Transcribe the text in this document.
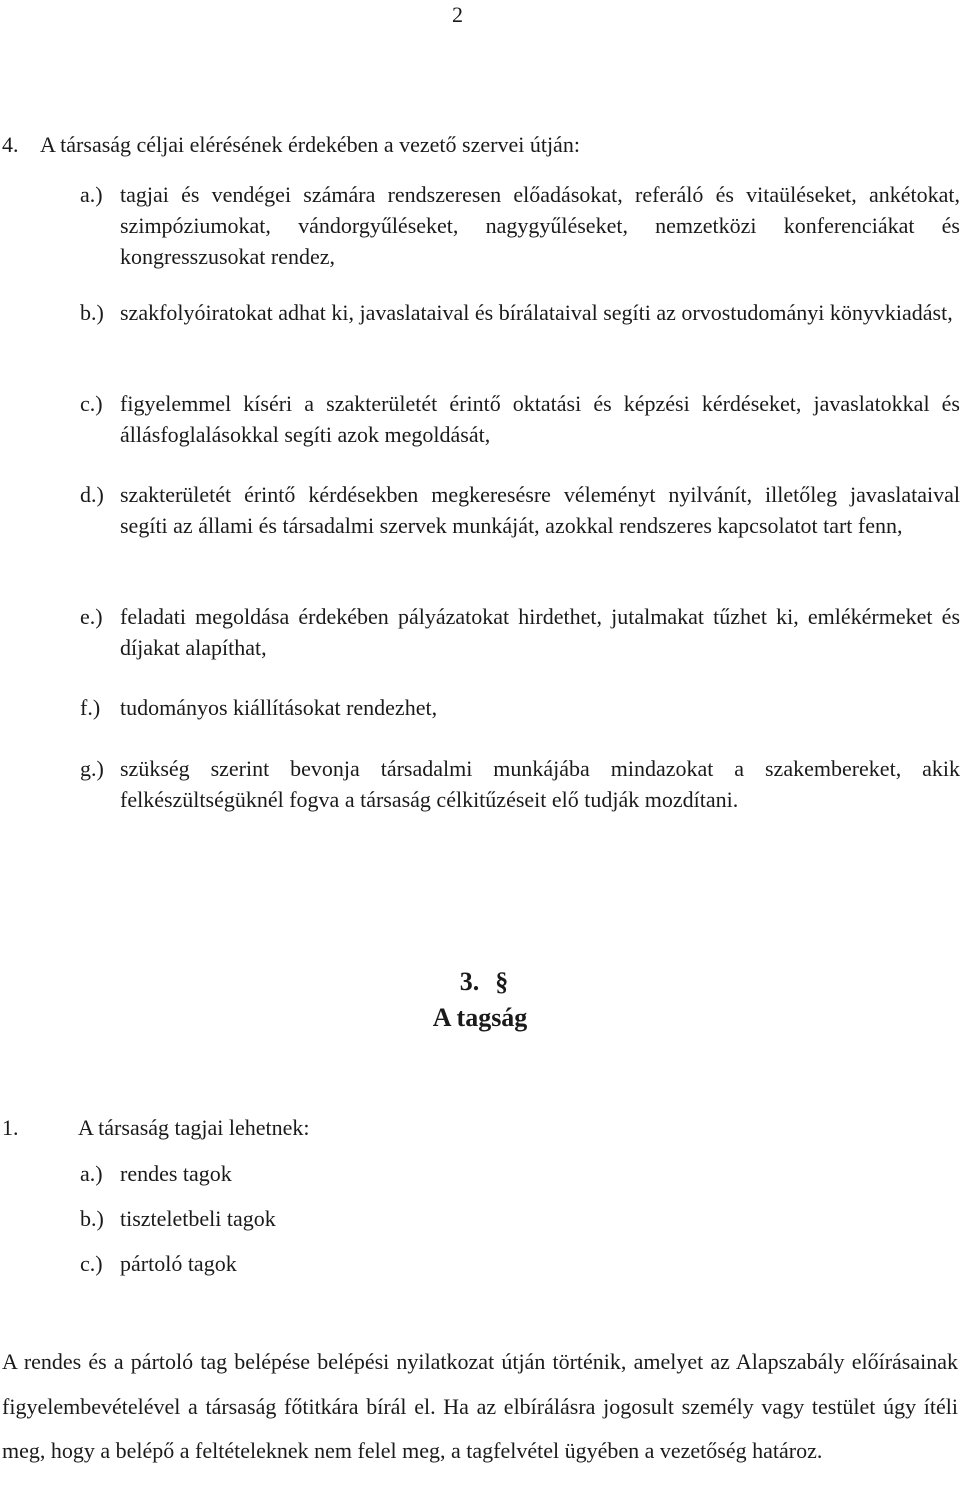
2
4. A társaság céljai elérésének érdekében a vezető szervei útján:
a.) tagjai és vendégei számára rendszeresen előadásokat, referáló és vitaüléseket, ankétokat, szimpóziumokat, vándorgyűléseket, nagygyűléseket, nemzetközi konferenciákat és kongresszusokat rendez,
b.) szakfolyóiratokat adhat ki, javaslataival és bírálataival segíti az orvostudományi könyvkiadást,
c.) figyelemmel kíséri a szakterületét érintő oktatási és képzési kérdéseket, javaslatokkal és állásfoglalásokkal segíti azok megoldását,
d.) szakterületét érintő kérdésekben megkeresésre véleményt nyilvánít, illetőleg javaslataival segíti az állami és társadalmi szervek munkáját, azokkal rendszeres kapcsolatot tart fenn,
e.) feladati megoldása érdekében pályázatokat hirdethet, jutalmakat tűzhet ki, emlékérmeket és díjakat alapíthat,
f.) tudományos kiállításokat rendezhet,
g.) szükség szerint bevonja társadalmi munkájába mindazokat a szakembereket, akik felkészültségüknél fogva a társaság célkitűzéseit elő tudják mozdítani.
3. §
A tagság
1.	A társaság tagjai lehetnek:
a.) rendes tagok
b.) tiszteletbeli tagok
c.) pártoló tagok
A rendes és a pártoló tag belépése belépési nyilatkozat útján történik, amelyet az Alapszabály előírásainak figyelembevételével a társaság főtitkára bírál el. Ha az elbírálásra jogosult személy vagy testület úgy ítéli meg, hogy a belépő a feltételeknek nem felel meg, a tagfelvétel ügyében a vezetőség határoz.
